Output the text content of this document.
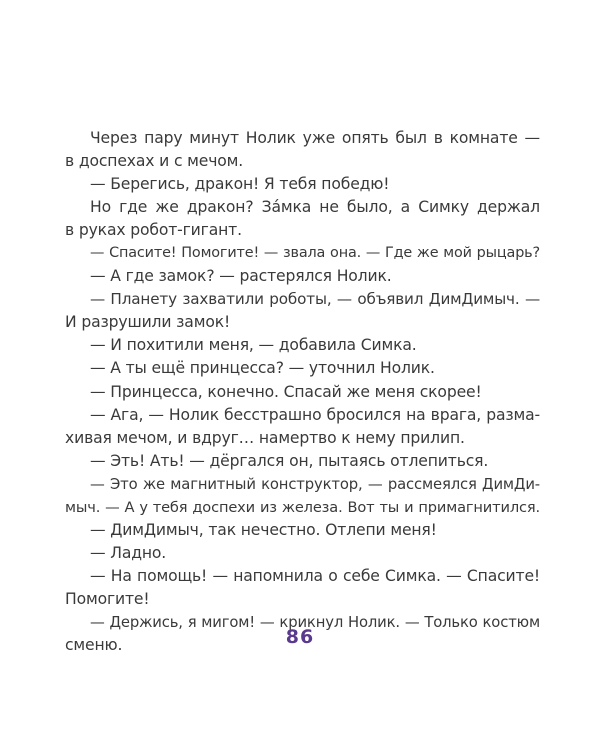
Через пару минут Нолик уже опять был в комнате —
в доспехах и с мечом.
— Берегись, дракон! Я тебя победю!
Но где же дракон? За́мка не было, а Симку держал
в руках робот-гигант.
— Спасите! Помогите! — звала она. — Где же мой рыцарь?
— А где замок? — растерялся Нолик.
— Планету захватили роботы, — объявил ДимДимыч. —
И разрушили замок!
— И похитили меня, — добавила Симка.
— А ты ещё принцесса? — уточнил Нолик.
— Принцесса, конечно. Спасай же меня скорее!
— Ага, — Нолик бесстрашно бросился на врага, разма-
хивая мечом, и вдруг… намертво к нему прилип.
— Эть! Ать! — дёргался он, пытаясь отлепиться.
— Это же магнитный конструктор, — рассмеялся ДимДи-
мыч. — А у тебя доспехи из железа. Вот ты и примагнитился.
— ДимДимыч, так нечестно. Отлепи меня!
— Ладно.
— На помощь! — напомнила о себе Симка. — Спасите!
Помогите!
— Держись, я мигом! — крикнул Нолик. — Только костюм
сменю.	86
